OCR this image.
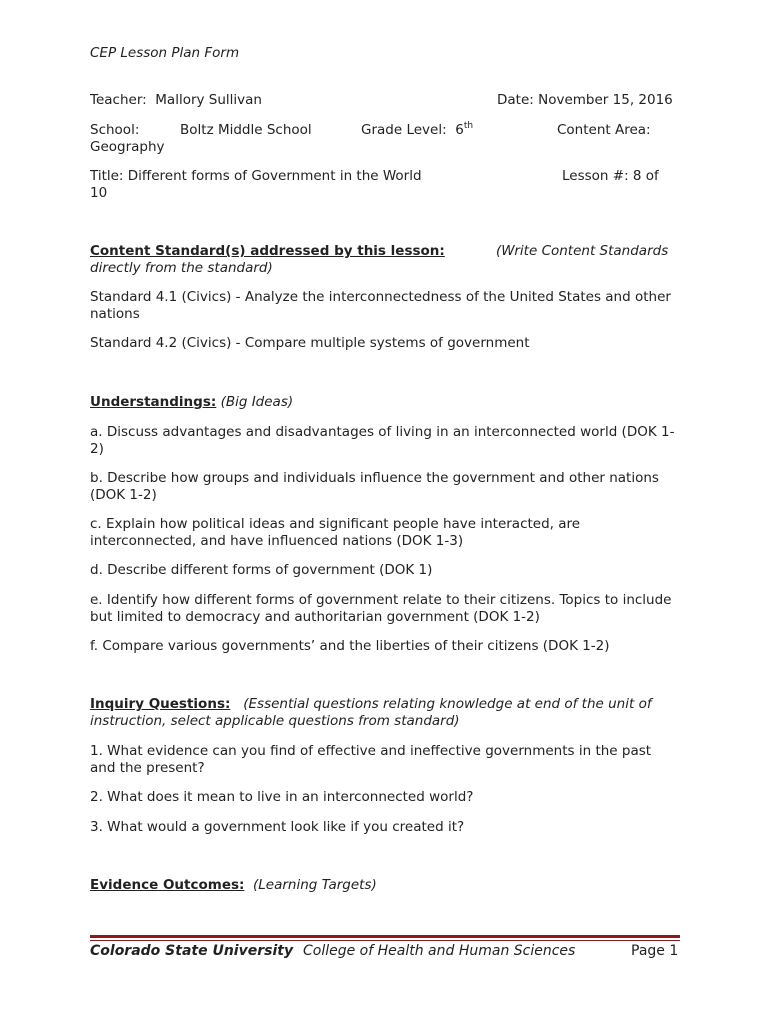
CEP Lesson Plan Form
Teacher: Mallory Sullivan	Date: November 15, 2016
School:	Boltz Middle School	Grade Level: 6th	Content Area:
Geography
Title: Different forms of Government in the World	Lesson #: 8 of
10
Content Standard(s) addressed by this lesson:	(Write Content Standards
directly from the standard)
Standard 4.1 (Civics) - Analyze the interconnectedness of the United States and other nations
Standard 4.2 (Civics) - Compare multiple systems of government
Understandings: (Big Ideas)
a. Discuss advantages and disadvantages of living in an interconnected world (DOK 1-2)
b. Describe how groups and individuals influence the government and other nations (DOK 1-2)
c. Explain how political ideas and significant people have interacted, are interconnected, and have influenced nations (DOK 1-3)
d. Describe different forms of government (DOK 1)
e. Identify how different forms of government relate to their citizens. Topics to include but limited to democracy and authoritarian government (DOK 1-2)
f. Compare various governments’ and the liberties of their citizens (DOK 1-2)
Inquiry Questions: (Essential questions relating knowledge at end of the unit of instruction, select applicable questions from standard)
1. What evidence can you find of effective and ineffective governments in the past and the present?
2. What does it mean to live in an interconnected world?
3. What would a government look like if you created it?
Evidence Outcomes: (Learning Targets)
Colorado State University College of Health and Human Sciences	Page 1
